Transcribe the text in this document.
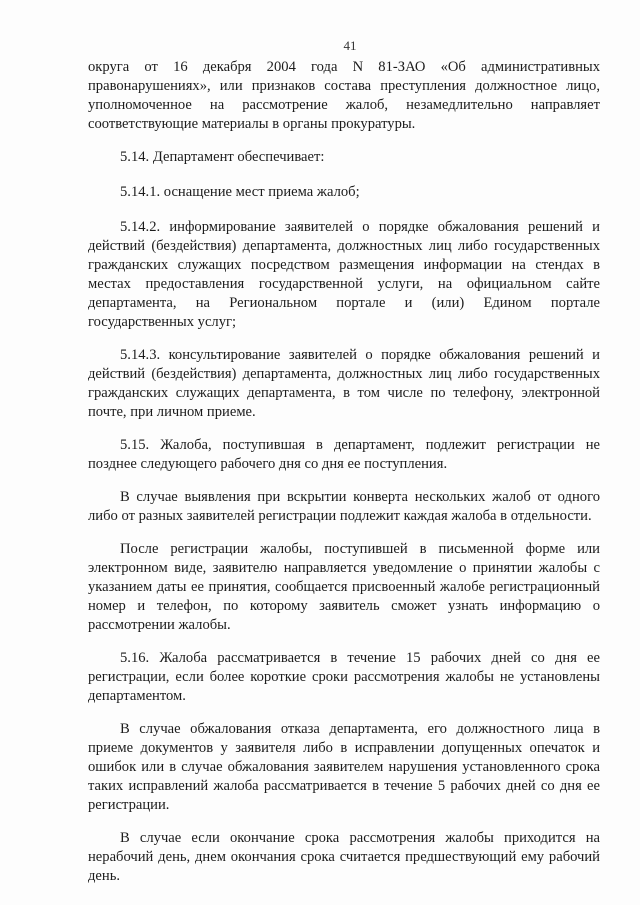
41

округа от 16 декабря 2004 года N 81-ЗАО «Об административных правонарушениях», или признаков состава преступления должностное лицо, уполномоченное на рассмотрение жалоб, незамедлительно направляет соответствующие материалы в органы прокуратуры.

5.14. Департамент обеспечивает:

5.14.1. оснащение мест приема жалоб;

5.14.2. информирование заявителей о порядке обжалования решений и действий (бездействия) департамента, должностных лиц либо государственных гражданских служащих посредством размещения информации на стендах в местах предоставления государственной услуги, на официальном сайте департамента, на Региональном портале и (или) Едином портале государственных услуг;

5.14.3. консультирование заявителей о порядке обжалования решений и действий (бездействия) департамента, должностных лиц либо государственных гражданских служащих департамента, в том числе по телефону, электронной почте, при личном приеме.

5.15. Жалоба, поступившая в департамент, подлежит регистрации не позднее следующего рабочего дня со дня ее поступления.

В случае выявления при вскрытии конверта нескольких жалоб от одного либо от разных заявителей регистрации подлежит каждая жалоба в отдельности.

После регистрации жалобы, поступившей в письменной форме или электронном виде, заявителю направляется уведомление о принятии жалобы с указанием даты ее принятия, сообщается присвоенный жалобе регистрационный номер и телефон, по которому заявитель сможет узнать информацию о рассмотрении жалобы.

5.16. Жалоба рассматривается в течение 15 рабочих дней со дня ее регистрации, если более короткие сроки рассмотрения жалобы не установлены департаментом.

В случае обжалования отказа департамента, его должностного лица в приеме документов у заявителя либо в исправлении допущенных опечаток и ошибок или в случае обжалования заявителем нарушения установленного срока таких исправлений жалоба рассматривается в течение 5 рабочих дней со дня ее регистрации.

В случае если окончание срока рассмотрения жалобы приходится на нерабочий день, днем окончания срока считается предшествующий ему рабочий день.
